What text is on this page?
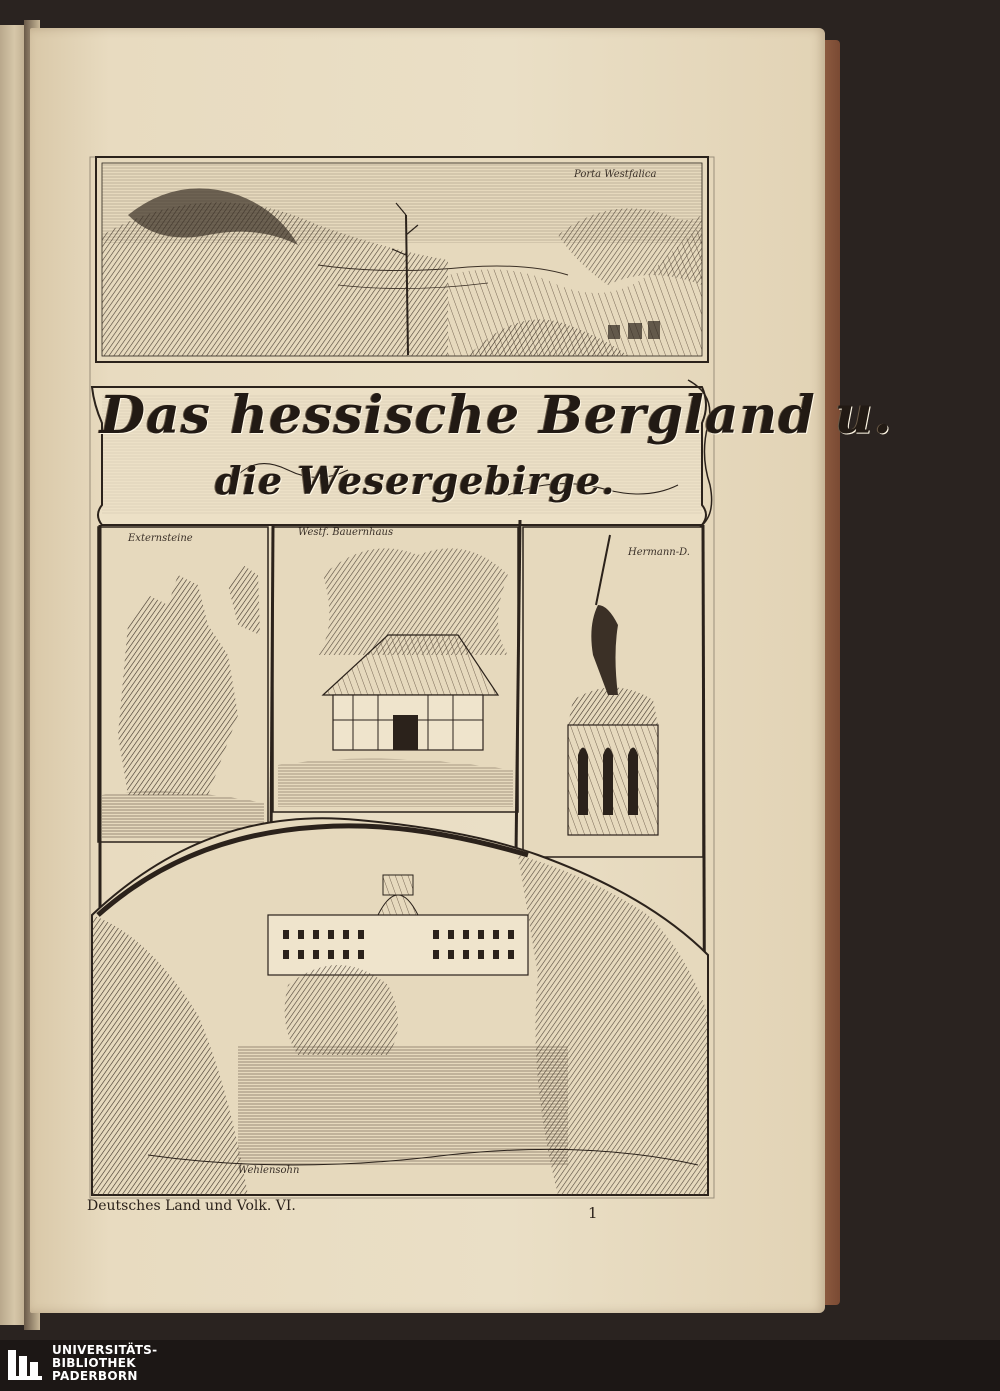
Porta Westfalica
Externsteine
Westf. Bauernhaus
Hermann-D.
Wehlensohn
Das hessische Bergland u.
die Wesergebirge.
Deutsches Land und Volk. VI.	1
UNIVERSITÄTS-
BIBLIOTHEK
PADERBORN
